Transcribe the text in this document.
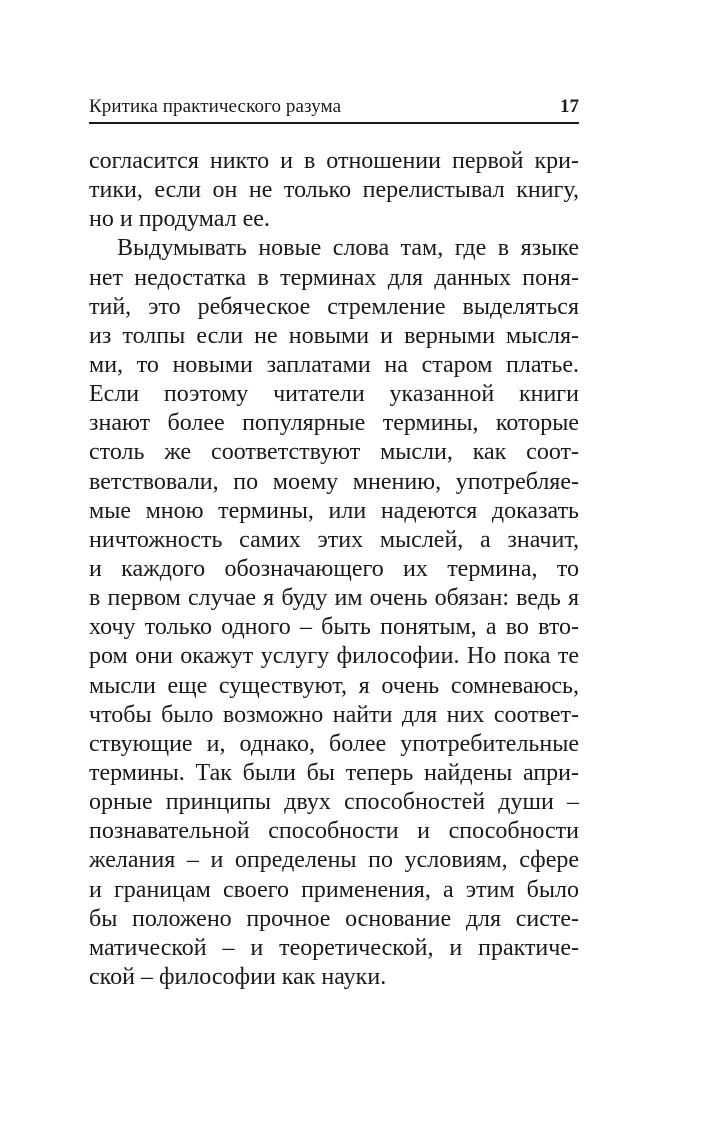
Критика практического разума	17
согласится никто и в отношении первой кри-
тики, если он не только перелистывал книгу,
но и продумал ее.
Выдумывать новые слова там, где в языке
нет недостатка в терминах для данных поня-
тий, это ребяческое стремление выделяться
из толпы если не новыми и верными мысля-
ми, то новыми заплатами на старом платье.
Если поэтому читатели указанной книги
знают более популярные термины, которые
столь же соответствуют мысли, как соот-
ветствовали, по моему мнению, употребляе-
мые мною термины, или надеются доказать
ничтожность самих этих мыслей, а значит,
и каждого обозначающего их термина, то
в первом случае я буду им очень обязан: ведь я
хочу только одного – быть понятым, а во вто-
ром они окажут услугу философии. Но пока те
мысли еще существуют, я очень сомневаюсь,
чтобы было возможно найти для них соответ-
ствующие и, однако, более употребительные
термины. Так были бы теперь найдены апри-
орные принципы двух способностей души –
познавательной способности и способности
желания – и определены по условиям, сфере
и границам своего применения, а этим было
бы положено прочное основание для систе-
матической – и теоретической, и практиче-
ской – философии как науки.
